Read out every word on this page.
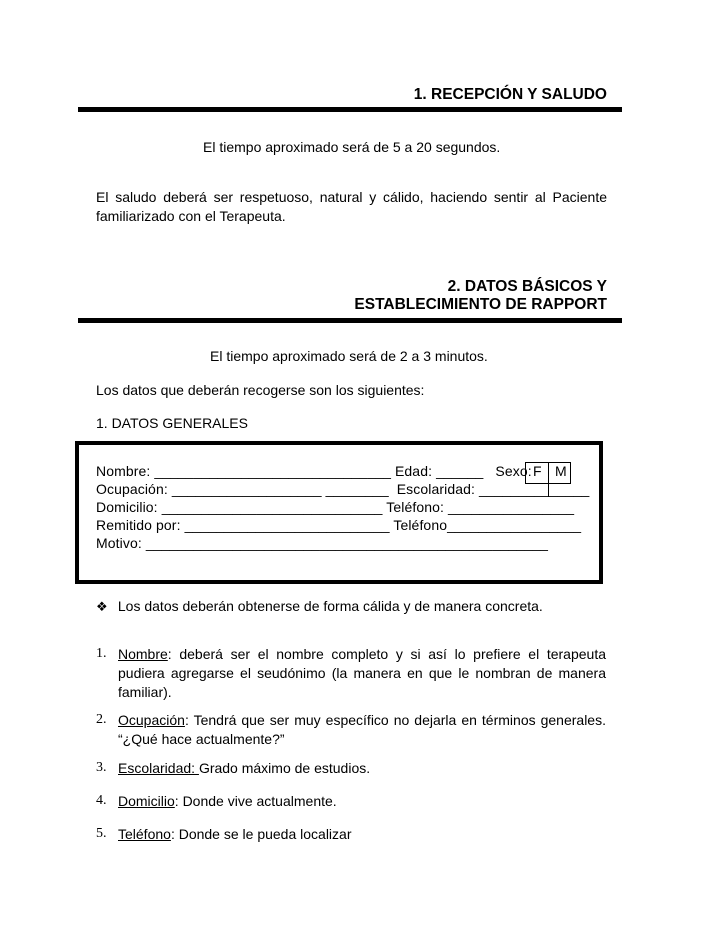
1. RECEPCIÓN Y SALUDO
El tiempo aproximado será de 5 a 20 segundos.
El saludo deberá ser respetuoso, natural y cálido, haciendo sentir al Paciente familiarizado con el Terapeuta.
2. DATOS BÁSICOS Y
ESTABLECIMIENTO DE RAPPORT
El tiempo aproximado será de 2 a 3 minutos.
Los datos que deberán recogerse son los siguientes:
1. DATOS GENERALES
Nombre: ______________________________ Edad: ______ Sexo: F M
Ocupación: ___________________ ________ Escolaridad: ______________
Domicilio: ____________________________ Teléfono: ________________
Remitido por: __________________________ Teléfono_________________
Motivo: ___________________________________________________
❖ Los datos deberán obtenerse de forma cálida y de manera concreta.
1. Nombre: deberá ser el nombre completo y si así lo prefiere el terapeuta pudiera agregarse el seudónimo (la manera en que le nombran de manera familiar).
2. Ocupación: Tendrá que ser muy específico no dejarla en términos generales. “¿Qué hace actualmente?”
3. Escolaridad: Grado máximo de estudios.
4. Domicilio: Donde vive actualmente.
5. Teléfono: Donde se le pueda localizar
